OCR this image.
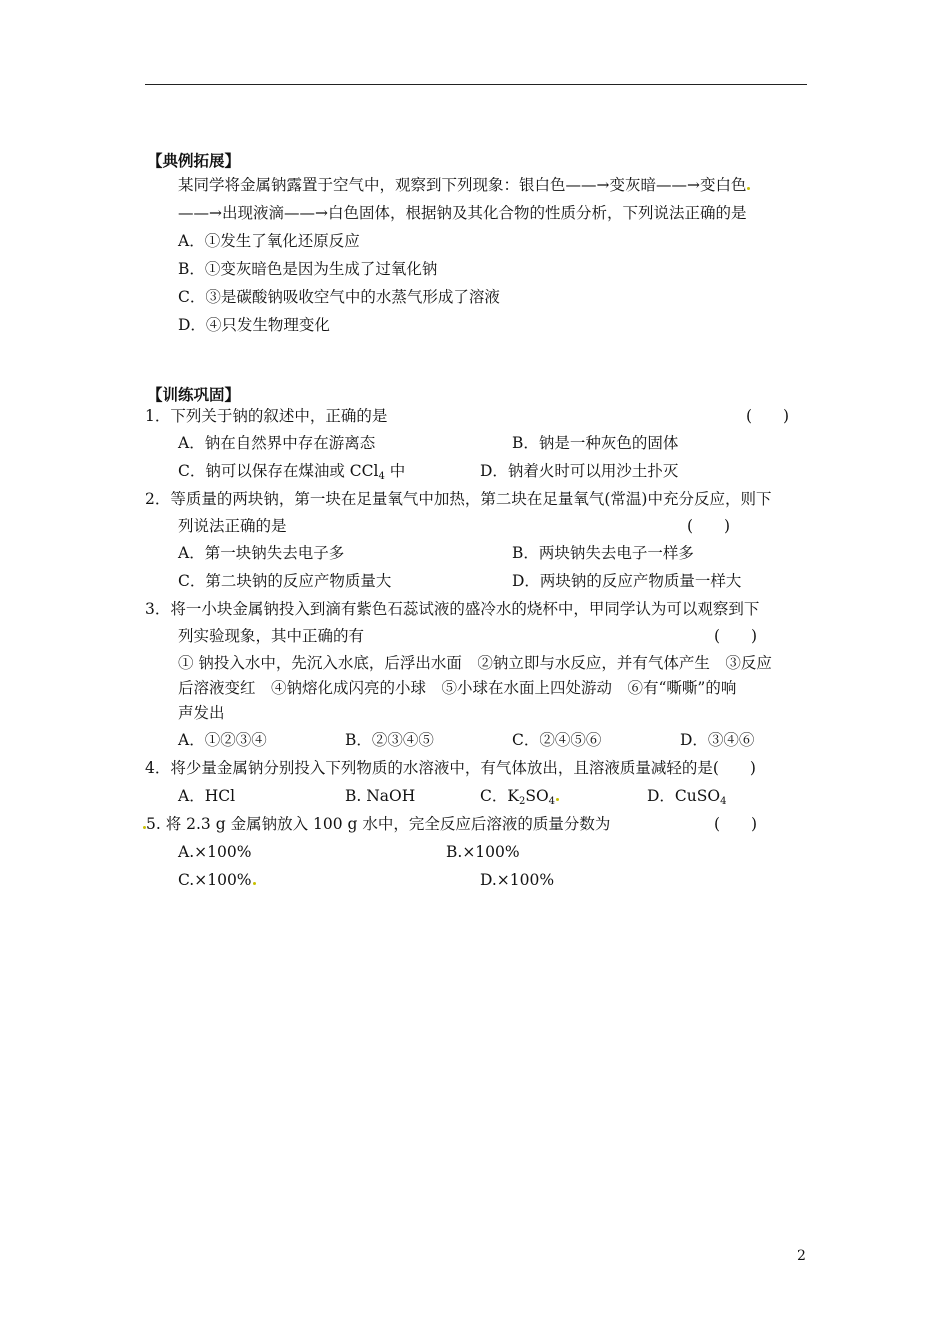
【典例拓展】
某同学将金属钠露置于空气中，观察到下列现象：银白色——→变灰暗——→变白色
——→出现液滴——→白色固体，根据钠及其化合物的性质分析，下列说法正确的是
A．①发生了氧化还原反应
B．①变灰暗色是因为生成了过氧化钠
C．③是碳酸钠吸收空气中的水蒸气形成了溶液
D．④只发生物理变化
【训练巩固】
1．下列关于钠的叙述中，正确的是	(　　)
A．钠在自然界中存在游离态	B．钠是一种灰色的固体
C．钠可以保存在煤油或 CCl$_4$ 中	D．钠着火时可以用沙土扑灭
2．等质量的两块钠，第一块在足量氧气中加热，第二块在足量氧气(常温)中充分反应，则下
列说法正确的是	(　　)
A．第一块钠失去电子多	B．两块钠失去电子一样多
C．第二块钠的反应产物质量大	D．两块钠的反应产物质量一样大
3．将一小块金属钠投入到滴有紫色石蕊试液的盛冷水的烧杯中，甲同学认为可以观察到下
列实验现象，其中正确的有	(　　)
① 钠投入水中，先沉入水底，后浮出水面　②钠立即与水反应，并有气体产生　③反应
后溶液变红　④钠熔化成闪亮的小球　⑤小球在水面上四处游动　⑥有“嘶嘶”的响
声发出
A．①②③④	B．②③④⑤	C．②④⑤⑥	D．③④⑥
4．将少量金属钠分别投入下列物质的水溶液中，有气体放出，且溶液质量减轻的是(　　)
A．HCl	B. NaOH	C．$K_2SO_4$	D．CuSO$_4$
5. 将 2.3 g 金属钠放入 100 g 水中，完全反应后溶液的质量分数为	(　　)
A.×100%	B.×100%
C.×100%	D.×100%
2
